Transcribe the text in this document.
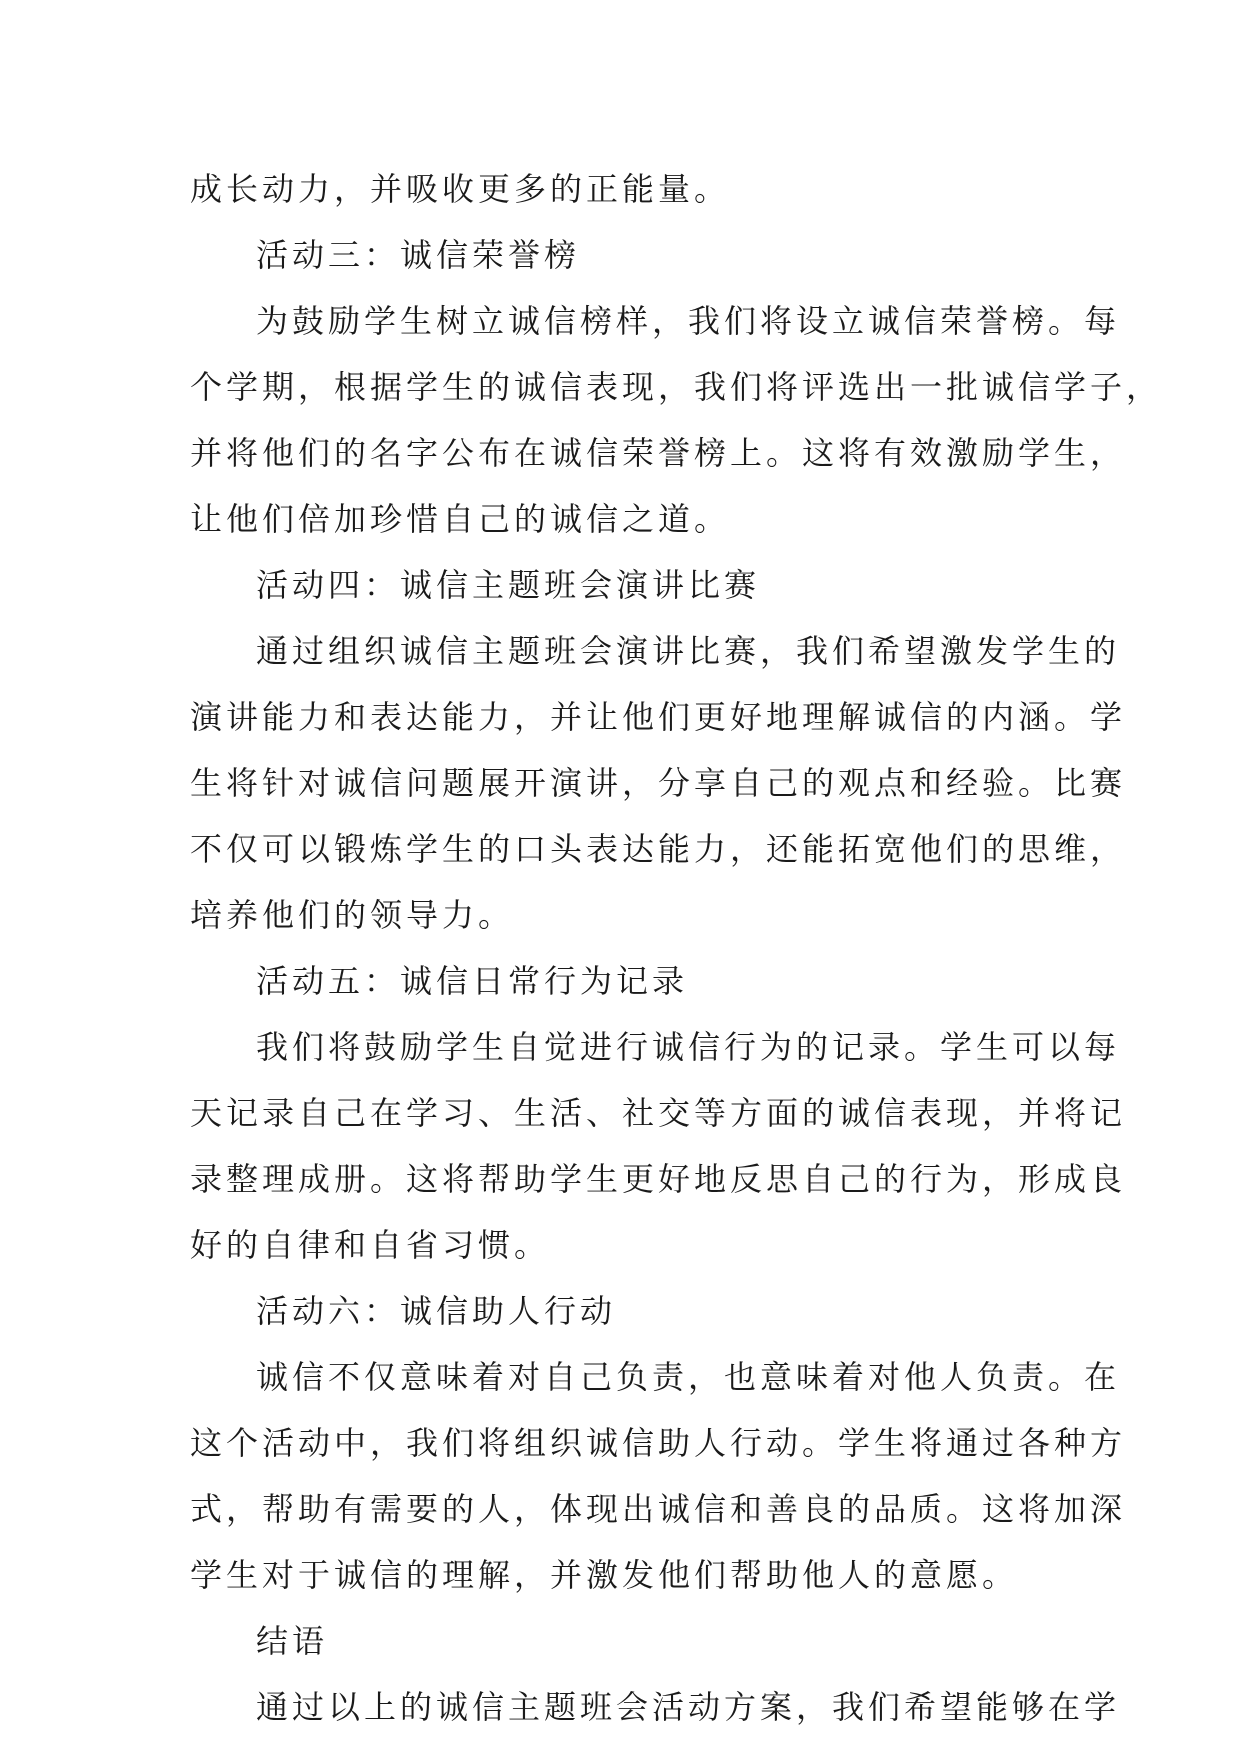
成长动力，并吸收更多的正能量。
活动三：诚信荣誉榜
为鼓励学生树立诚信榜样，我们将设立诚信荣誉榜。每
个学期，根据学生的诚信表现，我们将评选出一批诚信学子，
并将他们的名字公布在诚信荣誉榜上。这将有效激励学生，
让他们倍加珍惜自己的诚信之道。
活动四：诚信主题班会演讲比赛
通过组织诚信主题班会演讲比赛，我们希望激发学生的
演讲能力和表达能力，并让他们更好地理解诚信的内涵。学
生将针对诚信问题展开演讲，分享自己的观点和经验。比赛
不仅可以锻炼学生的口头表达能力，还能拓宽他们的思维，
培养他们的领导力。
活动五：诚信日常行为记录
我们将鼓励学生自觉进行诚信行为的记录。学生可以每
天记录自己在学习、生活、社交等方面的诚信表现，并将记
录整理成册。这将帮助学生更好地反思自己的行为，形成良
好的自律和自省习惯。
活动六：诚信助人行动
诚信不仅意味着对自己负责，也意味着对他人负责。在
这个活动中，我们将组织诚信助人行动。学生将通过各种方
式，帮助有需要的人，体现出诚信和善良的品质。这将加深
学生对于诚信的理解，并激发他们帮助他人的意愿。
结语
通过以上的诚信主题班会活动方案，我们希望能够在学
